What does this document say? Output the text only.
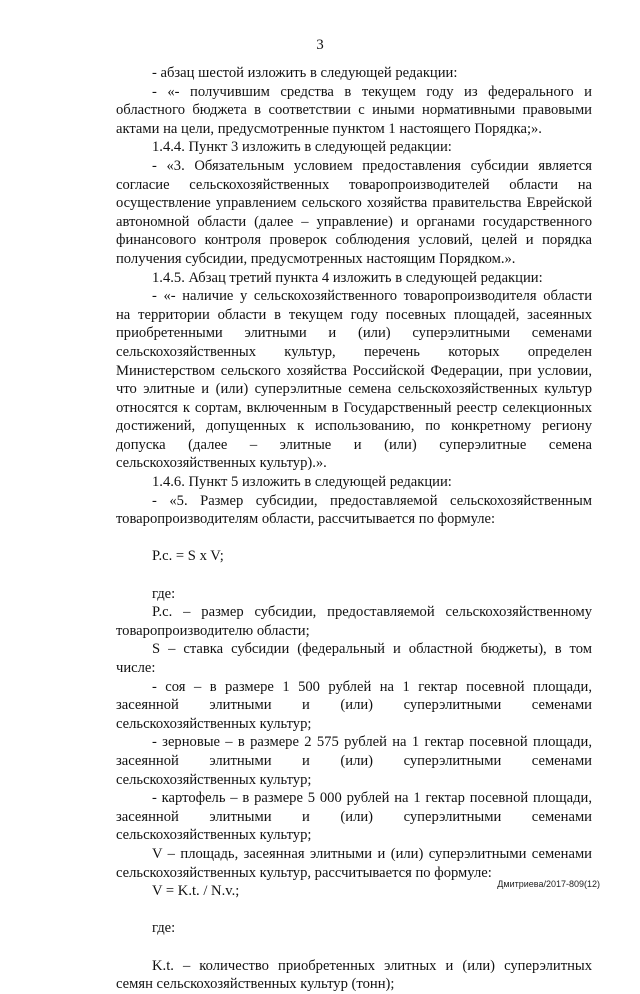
3

- абзац шестой изложить в следующей редакции:

- «- получившим средства в текущем году из федерального и областного бюджета в соответствии с иными нормативными правовыми актами на цели, предусмотренные пунктом 1 настоящего Порядка;».

1.4.4. Пункт 3 изложить в следующей редакции:

- «3. Обязательным условием предоставления субсидии является согласие сельскохозяйственных товаропроизводителей области на осуществление управлением сельского хозяйства правительства Еврейской автономной области (далее – управление) и органами государственного финансового контроля проверок соблюдения условий, целей и порядка получения субсидии, предусмотренных настоящим Порядком.».

1.4.5. Абзац третий пункта 4 изложить в следующей редакции:

- «- наличие у сельскохозяйственного товаропроизводителя области на территории области в текущем году посевных площадей, засеянных приобретенными элитными и (или) суперэлитными семенами сельскохозяйственных культур, перечень которых определен Министерством сельского хозяйства Российской Федерации, при условии, что элитные и (или) суперэлитные семена сельскохозяйственных культур относятся к сортам, включенным в Государственный реестр селекционных достижений, допущенных к использованию, по конкретному региону допуска (далее – элитные и (или) суперэлитные семена сельскохозяйственных культур).».

1.4.6. Пункт 5 изложить в следующей редакции:

- «5. Размер субсидии, предоставляемой сельскохозяйственным товаропроизводителям области, рассчитывается по формуле:

P.c. = S x V;

где:

P.c. – размер субсидии, предоставляемой сельскохозяйственному товаропроизводителю области;

S – ставка субсидии (федеральный и областной бюджеты), в том числе:

- соя – в размере 1 500 рублей на 1 гектар посевной площади, засеянной элитными и (или) суперэлитными семенами сельскохозяйственных культур;

- зерновые – в размере 2 575 рублей на 1 гектар посевной площади, засеянной элитными и (или) суперэлитными семенами сельскохозяйственных культур;

- картофель – в размере 5 000 рублей на 1 гектар посевной площади, засеянной элитными и (или) суперэлитными семенами сельскохозяйственных культур;

V – площадь, засеянная элитными и (или) суперэлитными семенами сельскохозяйственных культур, рассчитывается по формуле:

V = K.t. / N.v.;

где:

K.t. – количество приобретенных элитных и (или) суперэлитных семян сельскохозяйственных культур (тонн);

Дмитриева/2017-809(12)
